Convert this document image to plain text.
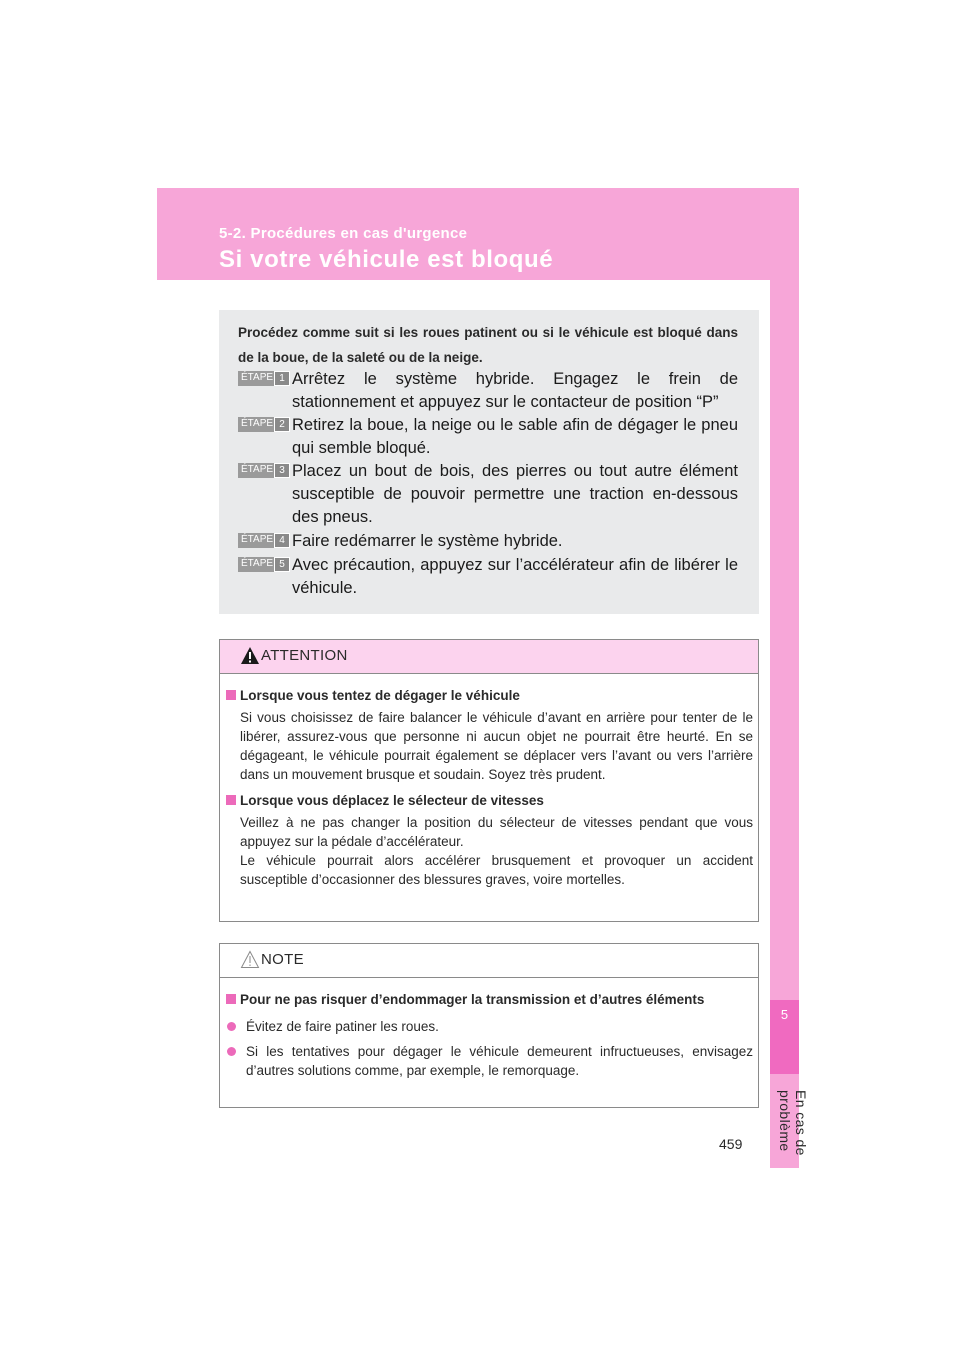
5-2. Procédures en cas d'urgence
Si votre véhicule est bloqué
5
En cas de problème
Procédez comme suit si les roues patinent ou si le véhicule est bloqué dans de la boue, de la saleté ou de la neige.
ÉTAPE 1 Arrêtez le système hybride. Engagez le frein de stationnement et appuyez sur le contacteur de position “P”
ÉTAPE 2 Retirez la boue, la neige ou le sable afin de dégager le pneu qui semble bloqué.
ÉTAPE 3 Placez un bout de bois, des pierres ou tout autre élément susceptible de pouvoir permettre une traction en-dessous des pneus.
ÉTAPE 4 Faire redémarrer le système hybride.
ÉTAPE 5 Avec précaution, appuyez sur l’accélérateur afin de libérer le véhicule.
ATTENTION
Lorsque vous tentez de dégager le véhicule
Si vous choisissez de faire balancer le véhicule d’avant en arrière pour tenter de le libérer, assurez-vous que personne ni aucun objet ne pourrait être heurté. En se dégageant, le véhicule pourrait également se déplacer vers l’avant ou vers l’arrière dans un mouvement brusque et soudain. Soyez très prudent.
Lorsque vous déplacez le sélecteur de vitesses
Veillez à ne pas changer la position du sélecteur de vitesses pendant que vous appuyez sur la pédale d’accélérateur.
Le véhicule pourrait alors accélérer brusquement et provoquer un accident susceptible d’occasionner des blessures graves, voire mortelles.
NOTE
Pour ne pas risquer d’endommager la transmission et d’autres éléments
Évitez de faire patiner les roues.
Si les tentatives pour dégager le véhicule demeurent infructueuses, envisagez d’autres solutions comme, par exemple, le remorquage.
459
